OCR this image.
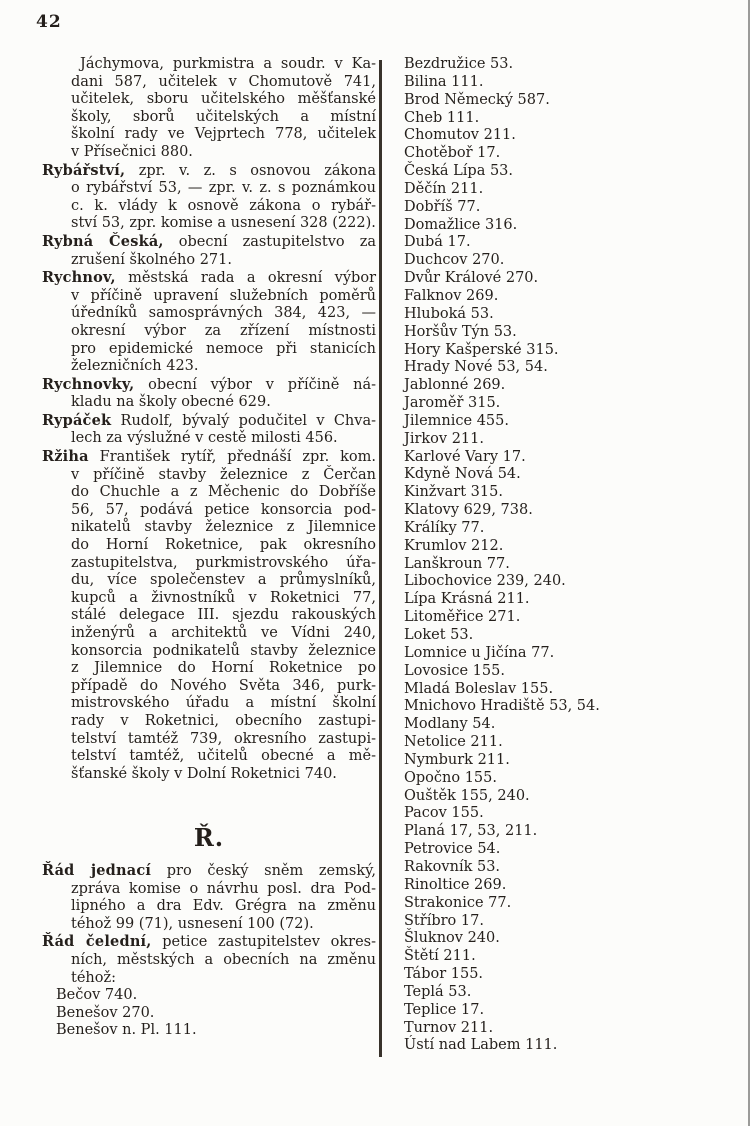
42
Jáchymova, purkmistra a soudr. v Ka-
dani 587, učitelek v Chomutově 741,
učitelek, sboru učitelského měšťanské
školy, sborů učitelských a místní
školní rady ve Vejprtech 778, učitelek
v Přísečnici 880.
Rybářství, zpr. v. z. s osnovou zákona
o rybářství 53, — zpr. v. z. s poznámkou
c. k. vlády k osnově zákona o rybář-
ství 53, zpr. komise a usnesení 328 (222).
Rybná Česká, obecní zastupitelstvo za
zrušení školného 271.
Rychnov, městská rada a okresní výbor
v příčině upravení služebních poměrů
úředníků samosprávných 384, 423, —
okresní výbor za zřízení místnosti
pro epidemické nemoce při stanicích
železničních 423.
Rychnovky, obecní výbor v příčině ná-
kladu na školy obecné 629.
Rypáček Rudolf, bývalý podučitel v Chva-
lech za výslužné v cestě milosti 456.
Ržiha František rytíř, přednáší zpr. kom.
v příčině stavby železnice z Čerčan
do Chuchle a z Měchenic do Dobříše
56, 57, podává petice konsorcia pod-
nikatelů stavby železnice z Jilemnice
do Horní Roketnice, pak okresního
zastupitelstva, purkmistrovského úřa-
du, více společenstev a průmyslníků,
kupců a živnostníků v Roketnici 77,
stálé delegace III. sjezdu rakouských
inženýrů a architektů ve Vídni 240,
konsorcia podnikatelů stavby železnice
z Jilemnice do Horní Roketnice po
případě do Nového Světa 346, purk-
mistrovského úřadu a místní školní
rady v Roketnici, obecního zastupi-
telství tamtéž 739, okresního zastupi-
telství tamtéž, učitelů obecné a mě-
šťanské školy v Dolní Roketnici 740.
Ř.
Řád jednací pro český sněm zemský,
zpráva komise o návrhu posl. dra Pod-
lipného a dra Edv. Grégra na změnu
téhož 99 (71), usnesení 100 (72).
Řád čelední, petice zastupitelstev okres-
ních, městských a obecních na změnu
téhož:
Bečov 740.
Benešov 270.
Benešov n. Pl. 111.
Bezdružice 53.
Bilina 111.
Brod Německý 587.
Cheb 111.
Chomutov 211.
Chotěboř 17.
Česká Lípa 53.
Děčín 211.
Dobříš 77.
Domažlice 316.
Dubá 17.
Duchcov 270.
Dvůr Králové 270.
Falknov 269.
Hluboká 53.
Horšův Týn 53.
Hory Kašperské 315.
Hrady Nové 53, 54.
Jablonné 269.
Jaroměř 315.
Jilemnice 455.
Jirkov 211.
Karlové Vary 17.
Kdyně Nová 54.
Kinžvart 315.
Klatovy 629, 738.
Králíky 77.
Krumlov 212.
Lanškroun 77.
Libochovice 239, 240.
Lípa Krásná 211.
Litoměřice 271.
Loket 53.
Lomnice u Jičína 77.
Lovosice 155.
Mladá Boleslav 155.
Mnichovo Hradiště 53, 54.
Modlany 54.
Netolice 211.
Nymburk 211.
Opočno 155.
Ouštěk 155, 240.
Pacov 155.
Planá 17, 53, 211.
Petrovice 54.
Rakovník 53.
Rinoltice 269.
Strakonice 77.
Stříbro 17.
Šluknov 240.
Štětí 211.
Tábor 155.
Teplá 53.
Teplice 17.
Turnov 211.
Ústí nad Labem 111.
